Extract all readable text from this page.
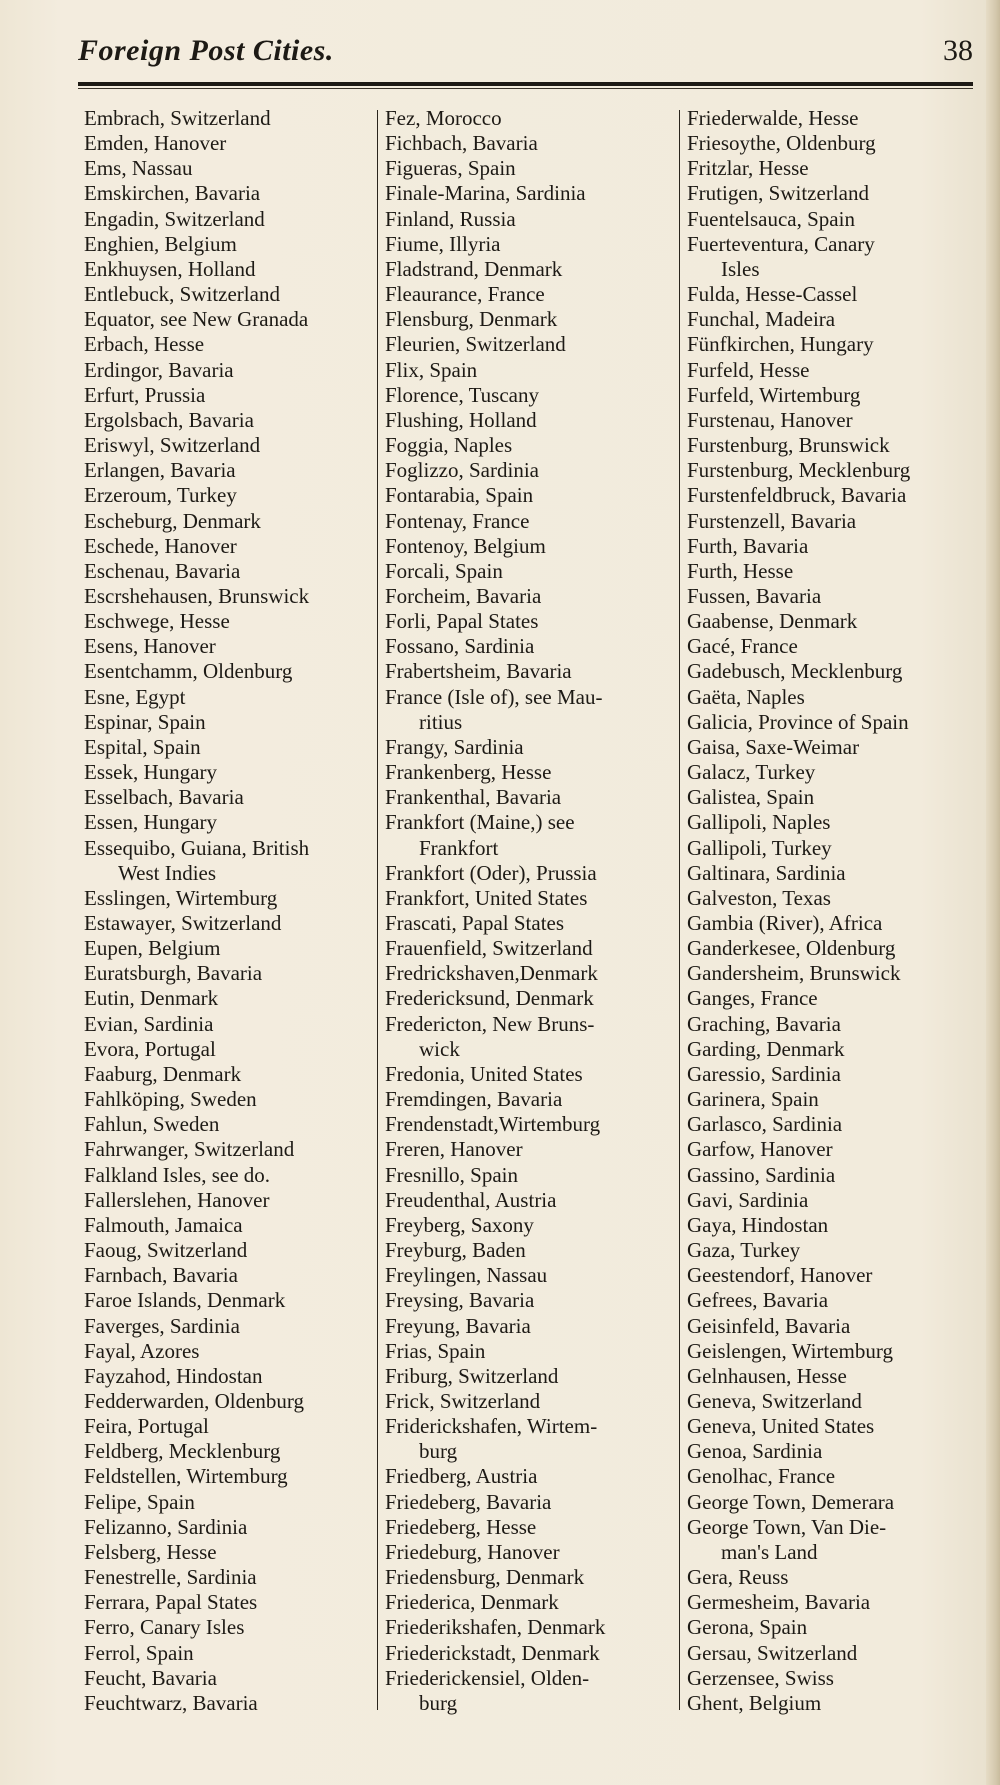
Foreign Post Cities.	38
Embrach, Switzerland
Emden, Hanover
Ems, Nassau
Emskirchen, Bavaria
Engadin, Switzerland
Enghien, Belgium
Enkhuysen, Holland
Entlebuck, Switzerland
Equator, see New Granada
Erbach, Hesse
Erdingor, Bavaria
Erfurt, Prussia
Ergolsbach, Bavaria
Eriswyl, Switzerland
Erlangen, Bavaria
Erzeroum, Turkey
Escheburg, Denmark
Eschede, Hanover
Eschenau, Bavaria
Escrshehausen, Brunswick
Eschwege, Hesse
Esens, Hanover
Esentchamm, Oldenburg
Esne, Egypt
Espinar, Spain
Espital, Spain
Essek, Hungary
Esselbach, Bavaria
Essen, Hungary
Essequibo, Guiana, British
West Indies
Esslingen, Wirtemburg
Estawayer, Switzerland
Eupen, Belgium
Euratsburgh, Bavaria
Eutin, Denmark
Evian, Sardinia
Evora, Portugal
Faaburg, Denmark
Fahlköping, Sweden
Fahlun, Sweden
Fahrwanger, Switzerland
Falkland Isles, see do.
Fallerslehen, Hanover
Falmouth, Jamaica
Faoug, Switzerland
Farnbach, Bavaria
Faroe Islands, Denmark
Faverges, Sardinia
Fayal, Azores
Fayzahod, Hindostan
Fedderwarden, Oldenburg
Feira, Portugal
Feldberg, Mecklenburg
Feldstellen, Wirtemburg
Felipe, Spain
Felizanno, Sardinia
Felsberg, Hesse
Fenestrelle, Sardinia
Ferrara, Papal States
Ferro, Canary Isles
Ferrol, Spain
Feucht, Bavaria
Feuchtwarz, Bavaria
Fez, Morocco
Fichbach, Bavaria
Figueras, Spain
Finale-Marina, Sardinia
Finland, Russia
Fiume, Illyria
Fladstrand, Denmark
Fleaurance, France
Flensburg, Denmark
Fleurien, Switzerland
Flix, Spain
Florence, Tuscany
Flushing, Holland
Foggia, Naples
Foglizzo, Sardinia
Fontarabia, Spain
Fontenay, France
Fontenoy, Belgium
Forcali, Spain
Forcheim, Bavaria
Forli, Papal States
Fossano, Sardinia
Frabertsheim, Bavaria
France (Isle of), see Mau-
ritius
Frangy, Sardinia
Frankenberg, Hesse
Frankenthal, Bavaria
Frankfort (Maine,) see
Frankfort
Frankfort (Oder), Prussia
Frankfort, United States
Frascati, Papal States
Frauenfield, Switzerland
Fredrickshaven,Denmark
Fredericksund, Denmark
Fredericton, New Bruns-
wick
Fredonia, United States
Fremdingen, Bavaria
Frendenstadt,Wirtemburg
Freren, Hanover
Fresnillo, Spain
Freudenthal, Austria
Freyberg, Saxony
Freyburg, Baden
Freylingen, Nassau
Freysing, Bavaria
Freyung, Bavaria
Frias, Spain
Friburg, Switzerland
Frick, Switzerland
Friderickshafen, Wirtem-
burg
Friedberg, Austria
Friedeberg, Bavaria
Friedeberg, Hesse
Friedeburg, Hanover
Friedensburg, Denmark
Friederica, Denmark
Friederikshafen, Denmark
Friederickstadt, Denmark
Friederickensiel, Olden-
burg
Friederwalde, Hesse
Friesoythe, Oldenburg
Fritzlar, Hesse
Frutigen, Switzerland
Fuentelsauca, Spain
Fuerteventura, Canary
Isles
Fulda, Hesse-Cassel
Funchal, Madeira
Fünfkirchen, Hungary
Furfeld, Hesse
Furfeld, Wirtemburg
Furstenau, Hanover
Furstenburg, Brunswick
Furstenburg, Mecklenburg
Furstenfeldbruck, Bavaria
Furstenzell, Bavaria
Furth, Bavaria
Furth, Hesse
Fussen, Bavaria
Gaabense, Denmark
Gacé, France
Gadebusch, Mecklenburg
Gaëta, Naples
Galicia, Province of Spain
Gaisa, Saxe-Weimar
Galacz, Turkey
Galistea, Spain
Gallipoli, Naples
Gallipoli, Turkey
Galtinara, Sardinia
Galveston, Texas
Gambia (River), Africa
Ganderkesee, Oldenburg
Gandersheim, Brunswick
Ganges, France
Graching, Bavaria
Garding, Denmark
Garessio, Sardinia
Garinera, Spain
Garlasco, Sardinia
Garfow, Hanover
Gassino, Sardinia
Gavi, Sardinia
Gaya, Hindostan
Gaza, Turkey
Geestendorf, Hanover
Gefrees, Bavaria
Geisinfeld, Bavaria
Geislengen, Wirtemburg
Gelnhausen, Hesse
Geneva, Switzerland
Geneva, United States
Genoa, Sardinia
Genolhac, France
George Town, Demerara
George Town, Van Die-
man's Land
Gera, Reuss
Germesheim, Bavaria
Gerona, Spain
Gersau, Switzerland
Gerzensee, Swiss
Ghent, Belgium
